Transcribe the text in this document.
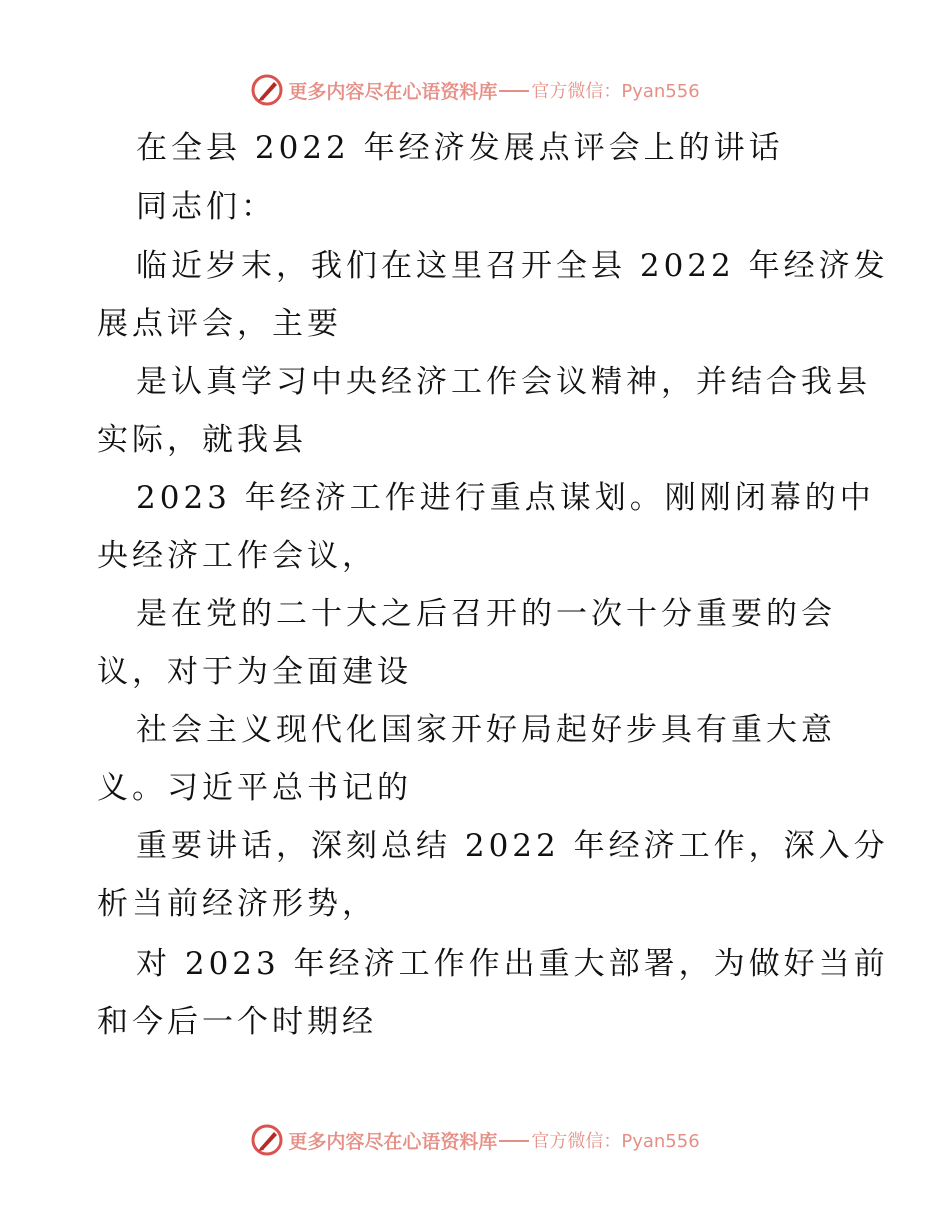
更多内容尽在心语资料库 官方微信：Pyan556
在全县 2022 年经济发展点评会上的讲话
同志们：
临近岁末，我们在这里召开全县 2022 年经济发
展点评会，主要
是认真学习中央经济工作会议精神，并结合我县
实际，就我县
2023 年经济工作进行重点谋划。刚刚闭幕的中
央经济工作会议，
是在党的二十大之后召开的一次十分重要的会
议，对于为全面建设
社会主义现代化国家开好局起好步具有重大意
义。习近平总书记的
重要讲话，深刻总结 2022 年经济工作，深入分
析当前经济形势，
对 2023 年经济工作作出重大部署，为做好当前
和今后一个时期经
更多内容尽在心语资料库 官方微信：Pyan556
